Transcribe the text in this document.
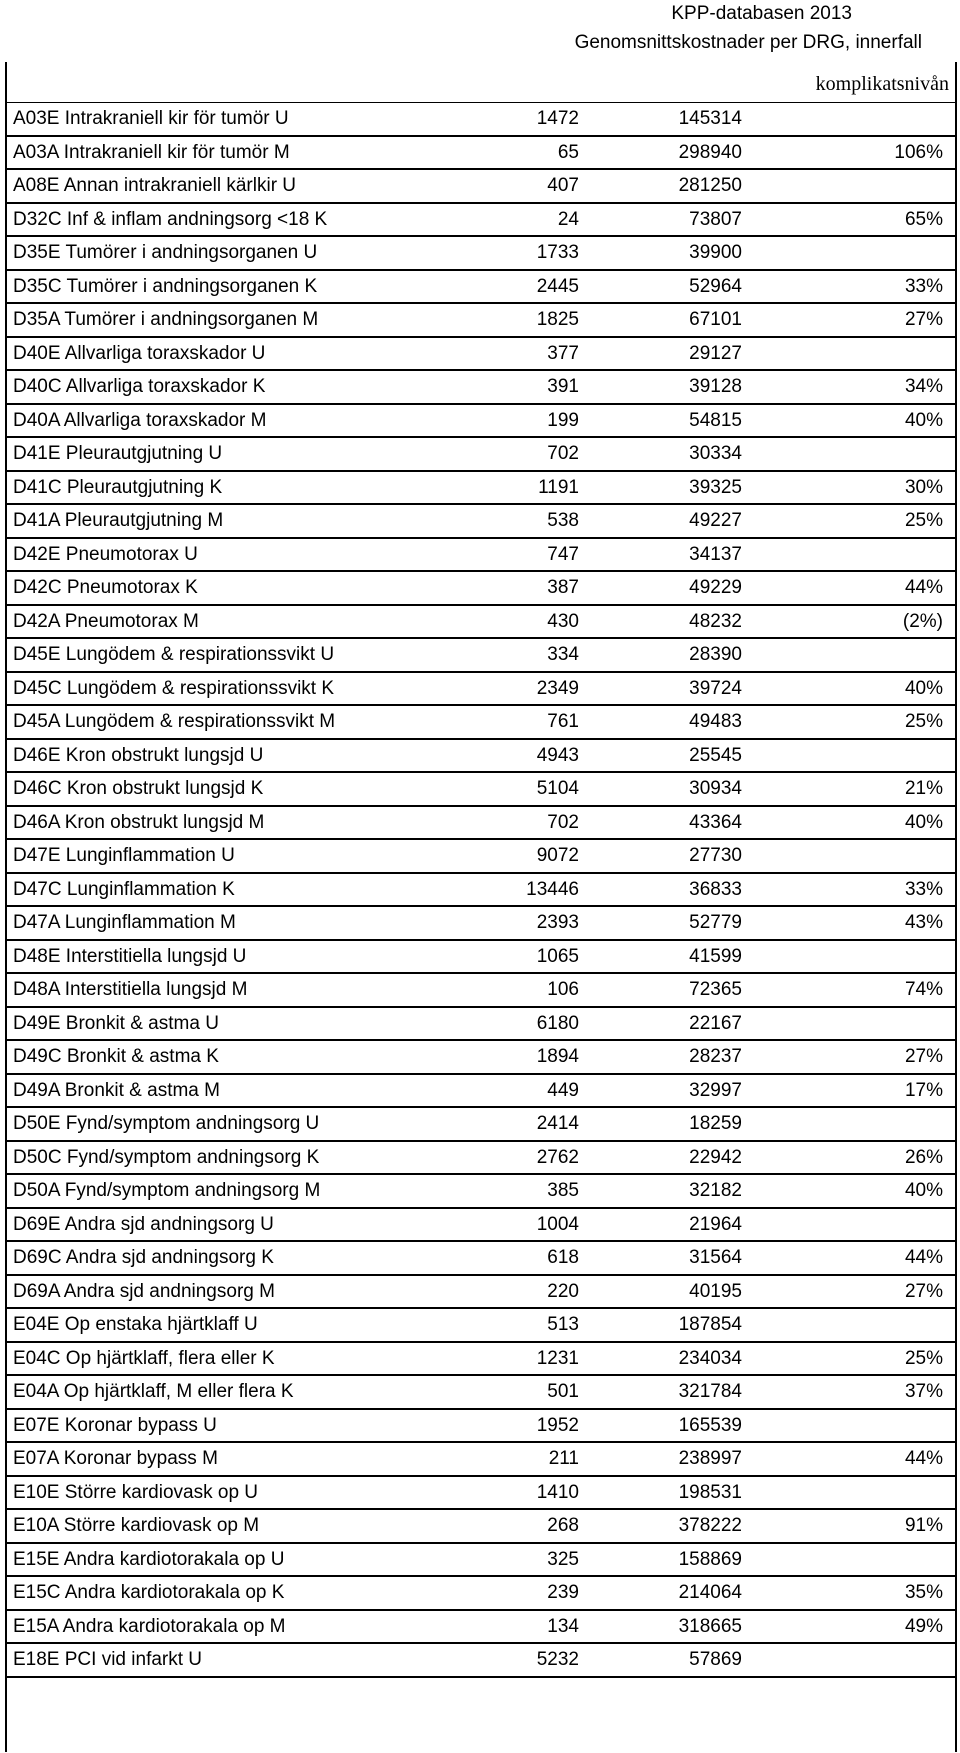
KPP-databasen 2013
Genomsnittskostnader per DRG, innerfall
komplikatsnivån
A03E Intrakraniell kir för tumör U	1472	145314
A03A Intrakraniell kir för tumör M	65	298940	106%
A08E Annan intrakraniell kärlkir U	407	281250
D32C Inf & inflam andningsorg <18 K	24	73807	65%
D35E Tumörer i andningsorganen U	1733	39900
D35C Tumörer i andningsorganen K	2445	52964	33%
D35A Tumörer i andningsorganen M	1825	67101	27%
D40E Allvarliga toraxskador U	377	29127
D40C Allvarliga toraxskador K	391	39128	34%
D40A Allvarliga toraxskador M	199	54815	40%
D41E Pleurautgjutning U	702	30334
D41C Pleurautgjutning K	1191	39325	30%
D41A Pleurautgjutning M	538	49227	25%
D42E Pneumotorax U	747	34137
D42C Pneumotorax K	387	49229	44%
D42A Pneumotorax M	430	48232	(2%)
D45E Lungödem & respirationssvikt U	334	28390
D45C Lungödem & respirationssvikt K	2349	39724	40%
D45A Lungödem & respirationssvikt M	761	49483	25%
D46E Kron obstrukt lungsjd U	4943	25545
D46C Kron obstrukt lungsjd K	5104	30934	21%
D46A Kron obstrukt lungsjd M	702	43364	40%
D47E Lunginflammation U	9072	27730
D47C Lunginflammation K	13446	36833	33%
D47A Lunginflammation M	2393	52779	43%
D48E Interstitiella lungsjd U	1065	41599
D48A Interstitiella lungsjd M	106	72365	74%
D49E Bronkit & astma U	6180	22167
D49C Bronkit & astma K	1894	28237	27%
D49A Bronkit & astma M	449	32997	17%
D50E Fynd/symptom andningsorg U	2414	18259
D50C Fynd/symptom andningsorg K	2762	22942	26%
D50A Fynd/symptom andningsorg M	385	32182	40%
D69E Andra sjd andningsorg U	1004	21964
D69C Andra sjd andningsorg K	618	31564	44%
D69A Andra sjd andningsorg M	220	40195	27%
E04E Op enstaka hjärtklaff U	513	187854
E04C Op hjärtklaff, flera eller K	1231	234034	25%
E04A Op hjärtklaff, M eller flera K	501	321784	37%
E07E Koronar bypass U	1952	165539
E07A Koronar bypass M	211	238997	44%
E10E Större kardiovask op U	1410	198531
E10A Större kardiovask op M	268	378222	91%
E15E Andra kardiotorakala op U	325	158869
E15C Andra kardiotorakala op K	239	214064	35%
E15A Andra kardiotorakala op M	134	318665	49%
E18E PCI vid infarkt U	5232	57869
